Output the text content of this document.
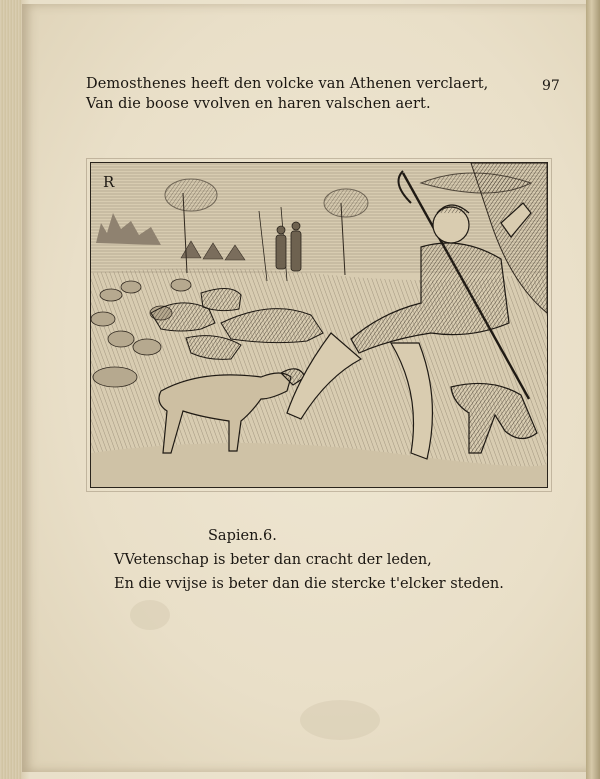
Demosthenes heeft den volcke van Athenen verclaert,
Van die boose vvolven en haren valschen aert.
97
R
Sapien.6.
VVetenschap is beter dan cracht der leden,
En die vvijse is beter dan die stercke t'elcker steden.
